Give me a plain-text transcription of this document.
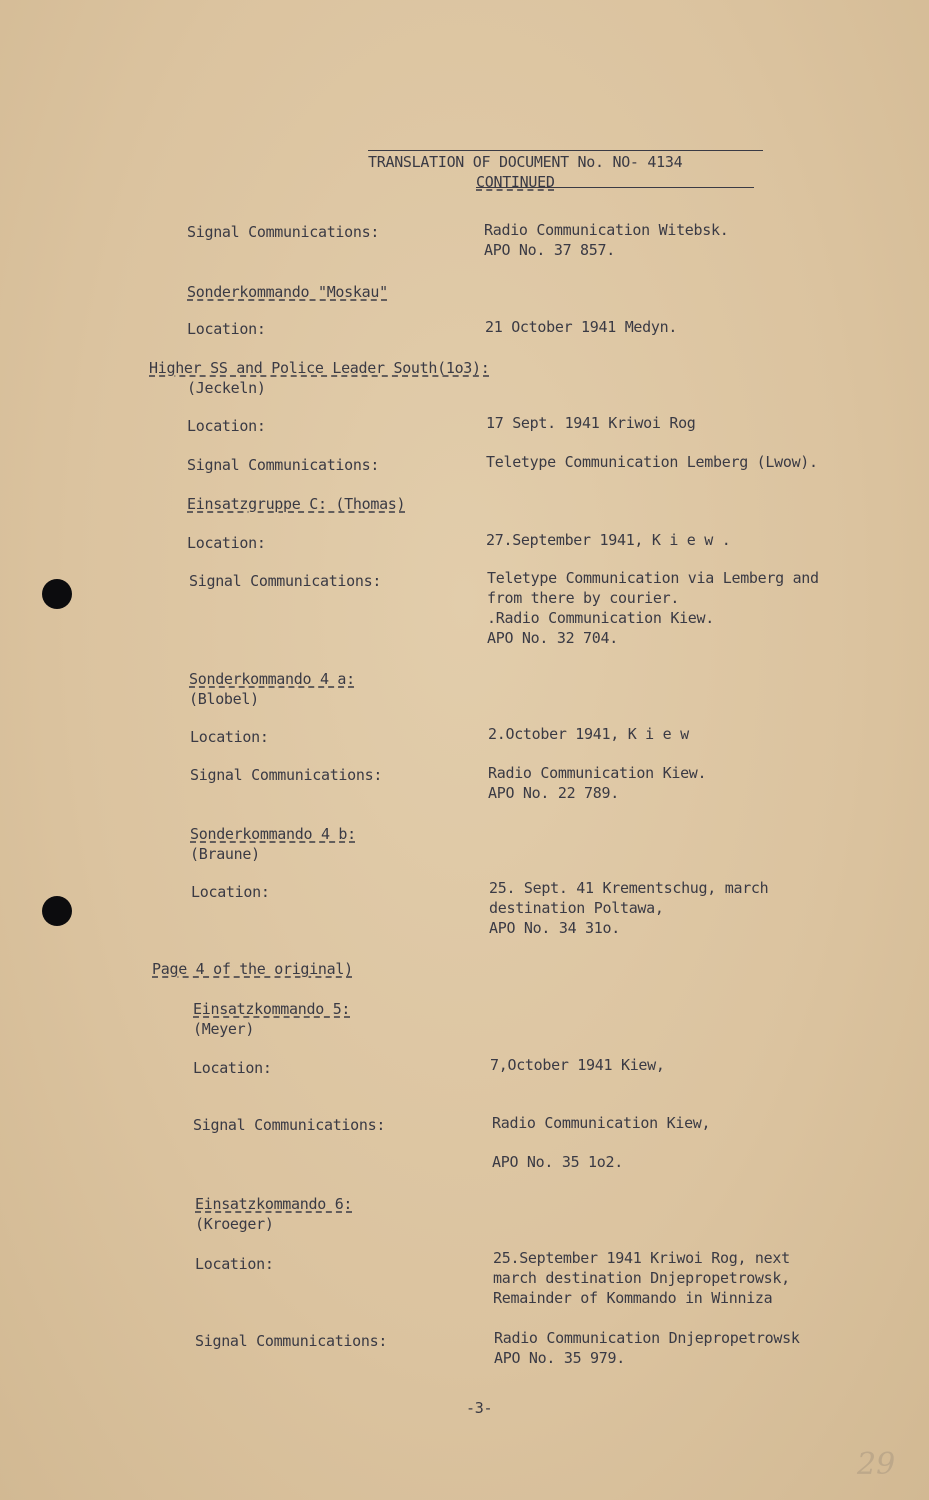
TRANSLATION OF DOCUMENT No. NO- 4134
CONTINUED
Signal Communications:	Radio Communication Witebsk.
APO No. 37 857.
Sonderkommando "Moskau"
Location:	21 October 1941 Medyn.
Higher SS and Police Leader South(1o3):
(Jeckeln)
Location:	17 Sept. 1941 Kriwoi Rog
Signal Communications:	Teletype Communication Lemberg (Lwow).
Einsatzgruppe C: (Thomas)
Location:	27.September 1941, K i e w .
Signal Communications:	Teletype Communication via Lemberg and
from there by courier.
.Radio Communication Kiew.
APO No. 32 704.
Sonderkommando 4 a:
(Blobel)
Location:	2.October 1941, K i e w
Signal Communications:	Radio Communication Kiew.
APO No. 22 789.
Sonderkommando 4 b:
(Braune)
Location:	25. Sept. 41 Krementschug, march
destination Poltawa,
APO No. 34 31o.
Page 4 of the original)
Einsatzkommando 5:
(Meyer)
Location:	7,October 1941 Kiew,
Signal Communications:	Radio Communication Kiew,
APO No. 35 1o2.
Einsatzkommando 6:
(Kroeger)
Location:	25.September 1941 Kriwoi Rog, next
march destination Dnjepropetrowsk,
Remainder of Kommando in Winniza
Signal Communications:	Radio Communication Dnjepropetrowsk
APO No. 35 979.
-3-
29
